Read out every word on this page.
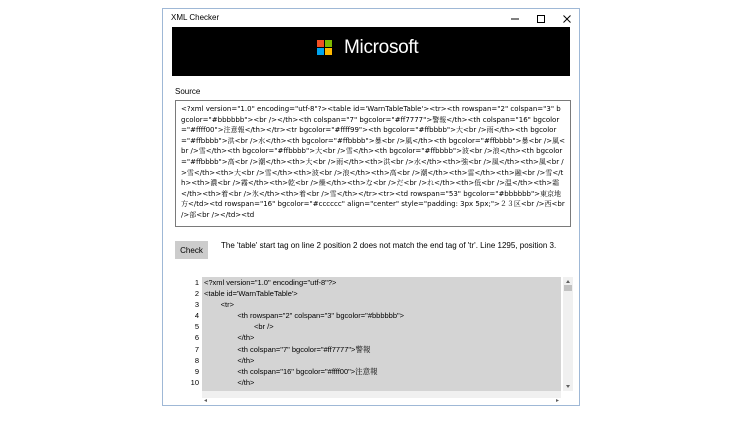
XML Checker
Microsoft
Source
<?xml version="1.0" encoding="utf-8"?><table id='WarnTableTable'><tr><th rowspan="2" colspan="3" bgcolor="#bbbbbb"><br /></th><th colspan="7" bgcolor="#ff7777">警報</th><th colspan="16" bgcolor="#ffff00">注意報</th></tr><tr bgcolor="#ffff99"><th bgcolor="#ffbbbb">大<br />雨</th><th bgcolor="#ffbbbb">洪<br />水</th><th bgcolor="#ffbbbb">暴<br />風</th><th bgcolor="#ffbbbb">暴<br />風<br />雪</th><th bgcolor="#ffbbbb">大<br />雪</th><th bgcolor="#ffbbbb">波<br />浪</th><th bgcolor="#ffbbbb">高<br />潮</th><th>大<br />雨</th><th>洪<br />水</th><th>強<br />風</th><th>風<br />雪</th><th>大<br />雪</th><th>波<br />浪</th><th>高<br />潮</th><th>雷</th><th>融<br />雪</th><th>濃<br />霧</th><th>乾<br />燥</th><th>な<br />だ<br />れ</th><th>低<br />温</th><th>霜</th><th>着<br />氷</th><th>着<br />雪</th></tr><tr><td rowspan="53" bgcolor="#bbbbbb">東京地方</td><td rowspan="16" bgcolor="#cccccc" align="center" style="padding: 3px 5px;">２３区<br />西<br />部<br /></td><td
Check	The 'table' start tag on line 2 position 2 does not match the end tag of 'tr'. Line 1295, position 3.
1
2
3
4
5
6
7
8
9
10
<?xml version="1.0" encoding="utf-8"?>
<table id='WarnTableTable'>
<tr>
<th rowspan="2" colspan="3" bgcolor="#bbbbbb">
<br />
</th>
<th colspan="7" bgcolor="#ff7777">警報
</th>
<th colspan="16" bgcolor="#ffff00">注意報
</th>
